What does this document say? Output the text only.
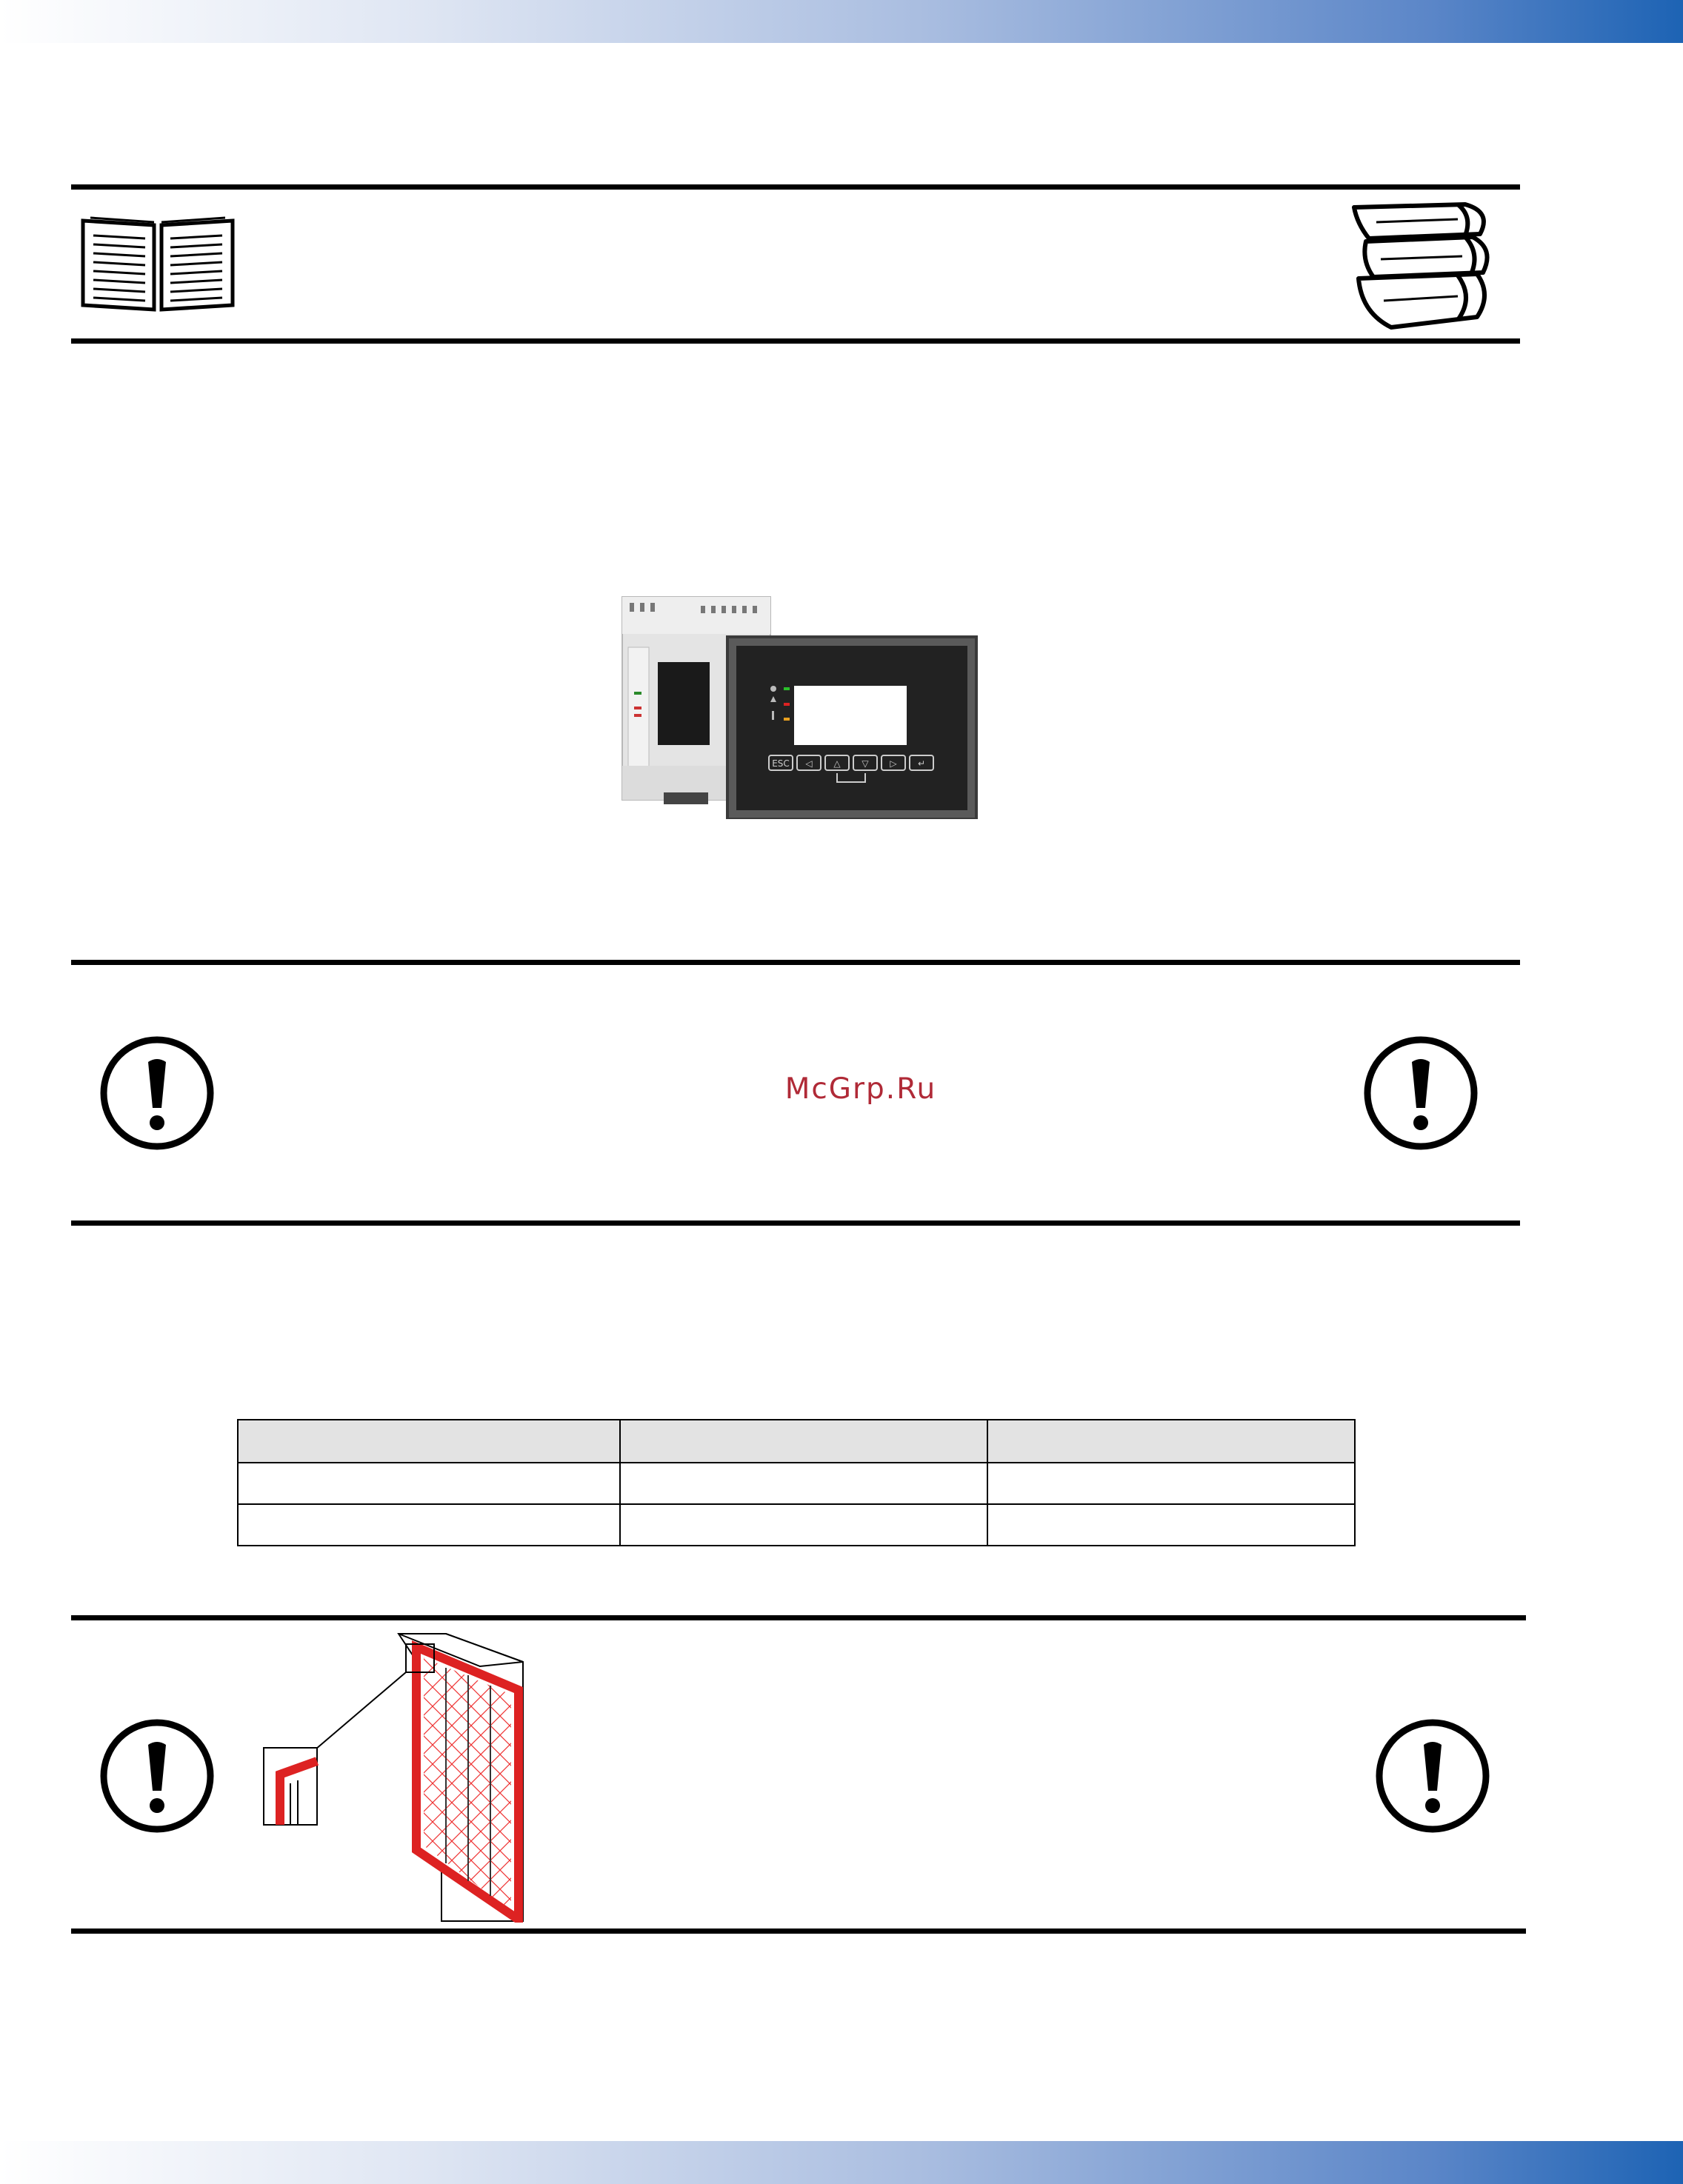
ESC ◁ △ ▽ ▷ ↵
McGrp.Ru
